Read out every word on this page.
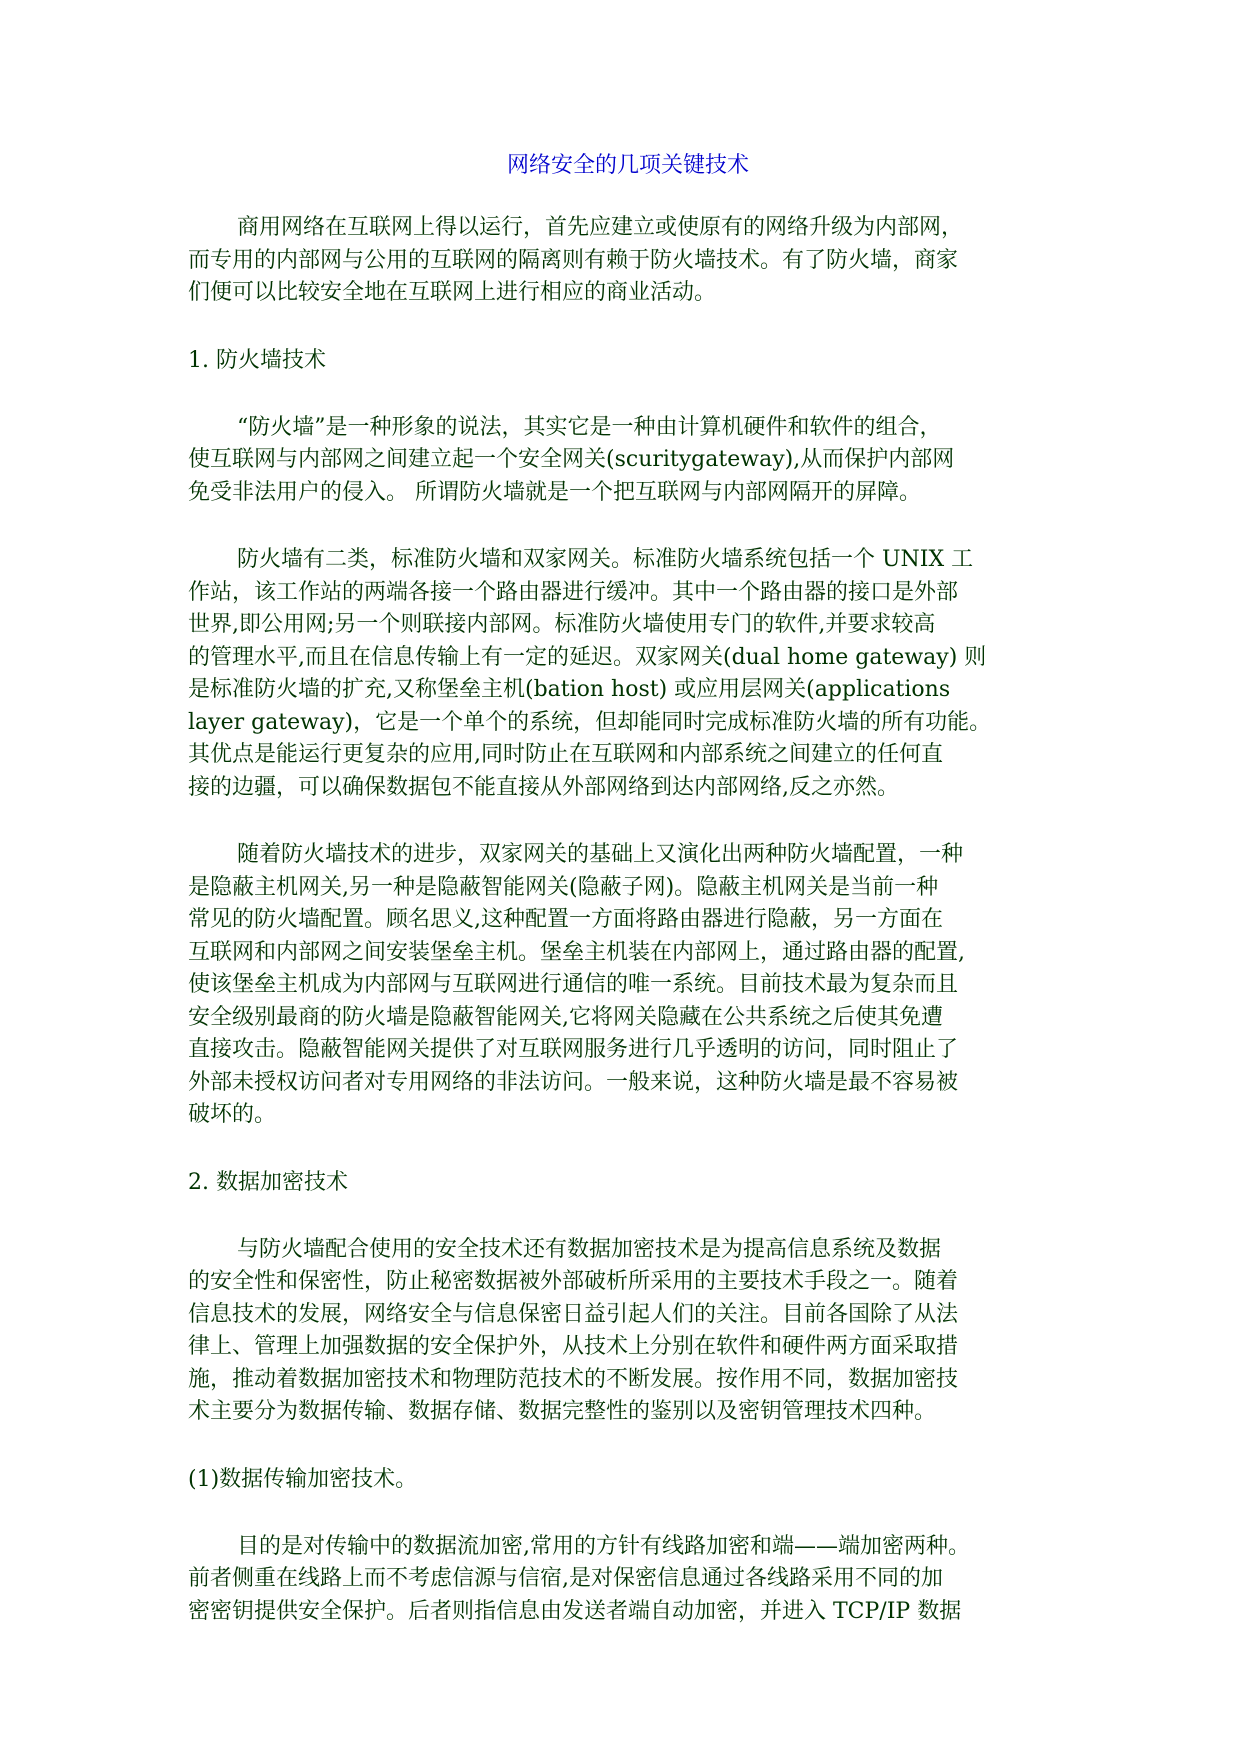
网络安全的几项关键技术
商用网络在互联网上得以运行，首先应建立或使原有的网络升级为内部网，
而专用的内部网与公用的互联网的隔离则有赖于防火墙技术。有了防火墙，商家
们便可以比较安全地在互联网上进行相应的商业活动。
1. 防火墙技术
“防火墙”是一种形象的说法，其实它是一种由计算机硬件和软件的组合，
使互联网与内部网之间建立起一个安全网关(scuritygateway),从而保护内部网
免受非法用户的侵入。 所谓防火墙就是一个把互联网与内部网隔开的屏障。
防火墙有二类，标准防火墙和双家网关。标准防火墙系统包括一个 UNIX 工
作站，该工作站的两端各接一个路由器进行缓冲。其中一个路由器的接口是外部
世界,即公用网;另一个则联接内部网。标准防火墙使用专门的软件,并要求较高
的管理水平,而且在信息传输上有一定的延迟。双家网关(dual home gateway) 则
是标准防火墙的扩充,又称堡垒主机(bation host) 或应用层网关(applications
layer gateway)，它是一个单个的系统，但却能同时完成标准防火墙的所有功能。
其优点是能运行更复杂的应用,同时防止在互联网和内部系统之间建立的任何直
接的边疆，可以确保数据包不能直接从外部网络到达内部网络,反之亦然。
随着防火墙技术的进步，双家网关的基础上又演化出两种防火墙配置，一种
是隐蔽主机网关,另一种是隐蔽智能网关(隐蔽子网)。隐蔽主机网关是当前一种
常见的防火墙配置。顾名思义,这种配置一方面将路由器进行隐蔽，另一方面在
互联网和内部网之间安装堡垒主机。堡垒主机装在内部网上，通过路由器的配置,
使该堡垒主机成为内部网与互联网进行通信的唯一系统。目前技术最为复杂而且
安全级别最商的防火墙是隐蔽智能网关,它将网关隐藏在公共系统之后使其免遭
直接攻击。隐蔽智能网关提供了对互联网服务进行几乎透明的访问，同时阻止了
外部未授权访问者对专用网络的非法访问。一般来说，这种防火墙是最不容易被
破坏的。
2. 数据加密技术
与防火墙配合使用的安全技术还有数据加密技术是为提高信息系统及数据
的安全性和保密性，防止秘密数据被外部破析所采用的主要技术手段之一。随着
信息技术的发展，网络安全与信息保密日益引起人们的关注。目前各国除了从法
律上、管理上加强数据的安全保护外，从技术上分别在软件和硬件两方面采取措
施，推动着数据加密技术和物理防范技术的不断发展。按作用不同，数据加密技
术主要分为数据传输、数据存储、数据完整性的鉴别以及密钥管理技术四种。
(1)数据传输加密技术。
目的是对传输中的数据流加密,常用的方针有线路加密和端——端加密两种。
前者侧重在线路上而不考虑信源与信宿,是对保密信息通过各线路采用不同的加
密密钥提供安全保护。后者则指信息由发送者端自动加密，并进入 TCP/IP 数据
